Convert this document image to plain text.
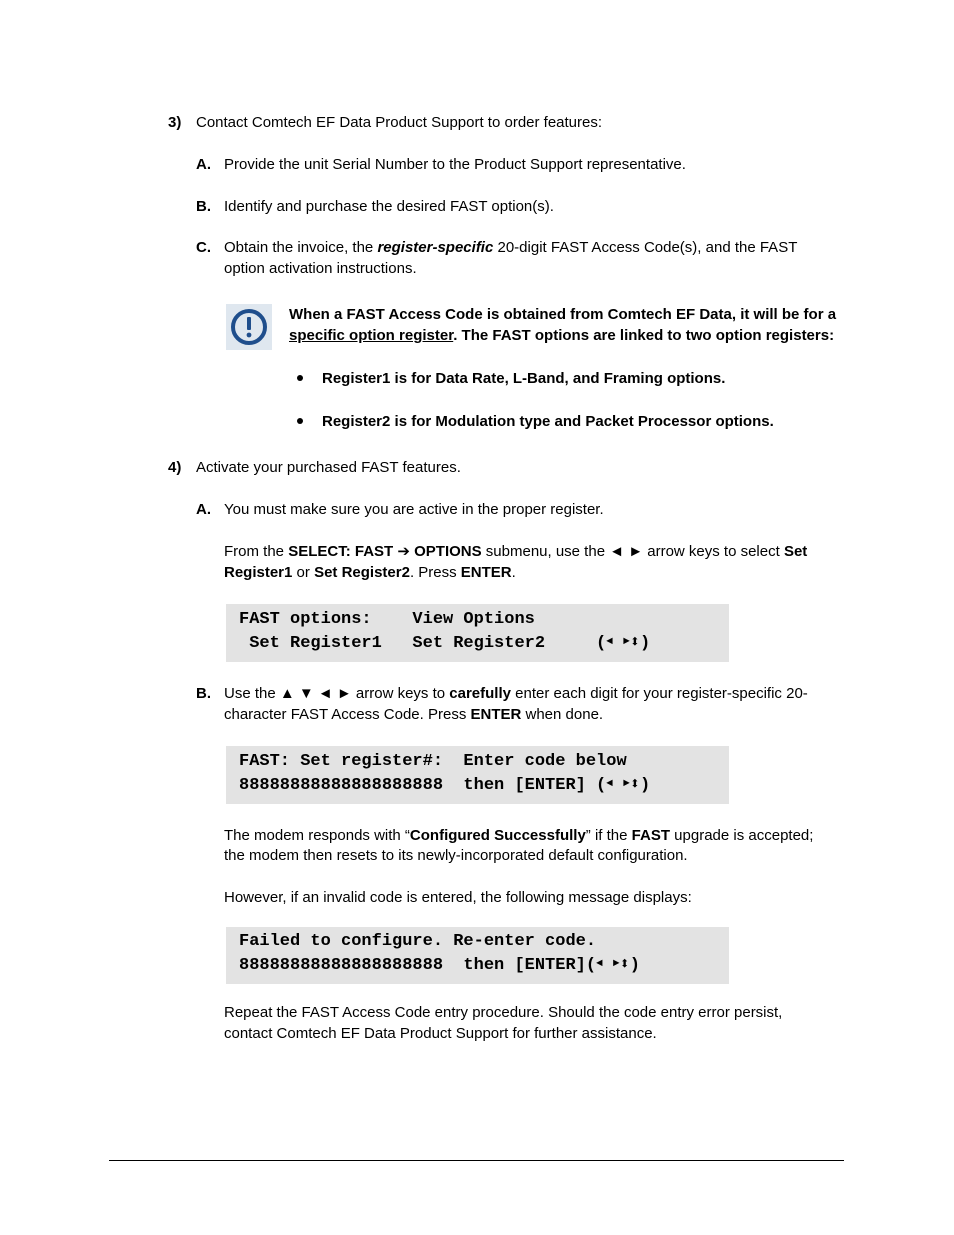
3) Contact Comtech EF Data Product Support to order features:
A. Provide the unit Serial Number to the Product Support representative.
B. Identify and purchase the desired FAST option(s).
C. Obtain the invoice, the register-specific 20-digit FAST Access Code(s), and the FAST
option activation instructions.
When a FAST Access Code is obtained from Comtech EF Data, it will be for a
specific option register. The FAST options are linked to two option registers:
Register1 is for Data Rate, L-Band, and Framing options.
Register2 is for Modulation type and Packet Processor options.
4) Activate your purchased FAST features.
A. You must make sure you are active in the proper register.
From the SELECT: FAST ➔ OPTIONS submenu, use the ◄ ► arrow keys to select Set
Register1 or Set Register2. Press ENTER.
FAST options:    View Options
Set Register1   Set Register2     (◄ ►⬍)
B. Use the ▲ ▼ ◄ ► arrow keys to carefully enter each digit for your register-specific 20-
character FAST Access Code. Press ENTER when done.
FAST: Set register#:  Enter code below
88888888888888888888  then [ENTER] (◄ ►⬍)
The modem responds with “Configured Successfully” if the FAST upgrade is accepted;
the modem then resets to its newly-incorporated default configuration.
However, if an invalid code is entered, the following message displays:
Failed to configure. Re-enter code.
88888888888888888888  then [ENTER](◄ ►⬍)
Repeat the FAST Access Code entry procedure. Should the code entry error persist,
contact Comtech EF Data Product Support for further assistance.
